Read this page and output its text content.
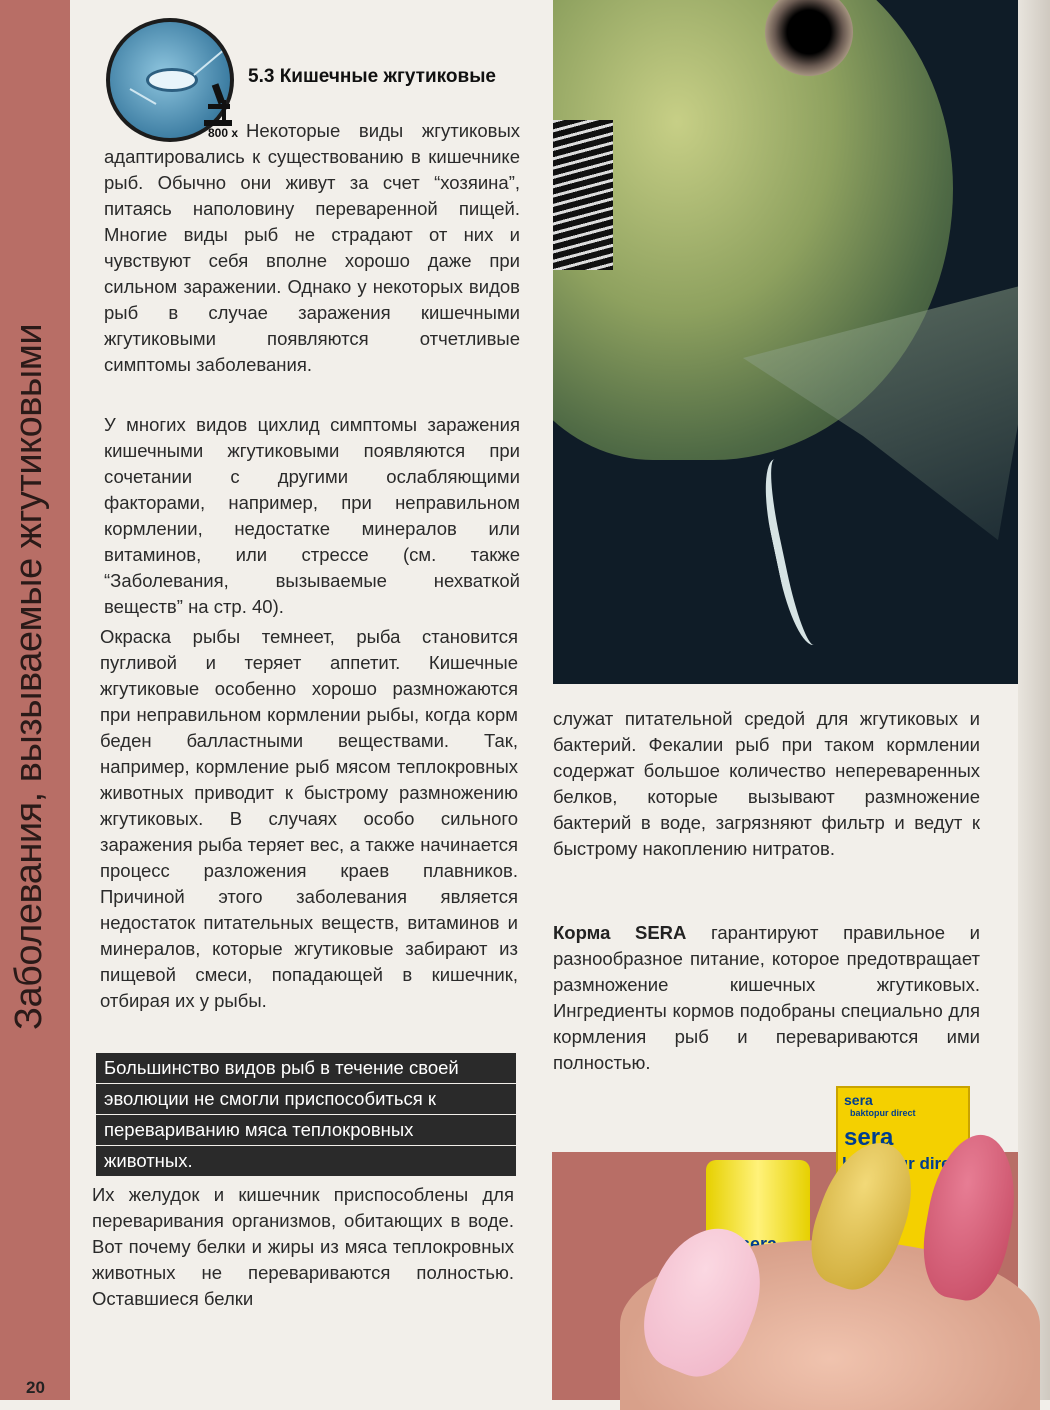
Заболевания, вызываемые жгутиковыми
20
800 x
5.3 Кишечные жгутиковые

Некоторые виды жгутиковых адаптировались к существованию в кишечнике рыб. Обычно они живут за счет “хозяина”, питаясь наполовину переваренной пищей. Многие виды рыб не страдают от них и чувствуют себя вполне хорошо даже при сильном заражении. Однако у некоторых видов рыб в случае заражения кишечными жгутиковыми появляются отчетливые симптомы заболевания.

У многих видов цихлид симптомы заражения кишечными жгутиковыми появляются при сочетании с другими ослабляющими факторами, например, при неправильном кормлении, недостатке минералов или витаминов, или стрессе (см. также “Заболевания, вызываемые нехваткой веществ” на стр. 40).

Окраска рыбы темнеет, рыба становится пугливой и теряет аппетит. Кишечные жгутиковые особенно хорошо размножаются при неправильном кормлении рыбы, когда корм беден балластными веществами. Так, например, кормление рыб мясом теплокровных животных приводит к быстрому размножению жгутиковых. В случаях особо сильного заражения рыба теряет вес, а также начинается процесс разложения краев плавников. Причиной этого заболевания является недостаток питательных веществ, витаминов и минералов, которые жгутиковые забирают из пищевой смеси, попадающей в кишечник, отбирая их у рыбы.

Большинство видов рыб в течение своей
эволюции не смогли приспособиться к
перевариванию мяса теплокровных
животных.

Их желудок и кишечник приспособлены для переваривания организмов, обитающих в воде. Вот почему белки и жиры из мяса теплокровных животных не перевариваются полностью. Оставшиеся белки

служат питательной средой для жгутиковых и бактерий. Фекалии рыб при таком кормлении содержат большое количество непереваренных белков, которые вызывают размножение бактерий в воде, загрязняют фильтр и ведут к быстрому накоплению нитратов.

Корма SERA гарантируют правильное и разнообразное питание, которое предотвращает размножение кишечных жгутиковых. Ингредиенты кормов подобраны специально для кормления рыб и перевариваются ими полностью.

sera
baktopur direct
sera
direct
